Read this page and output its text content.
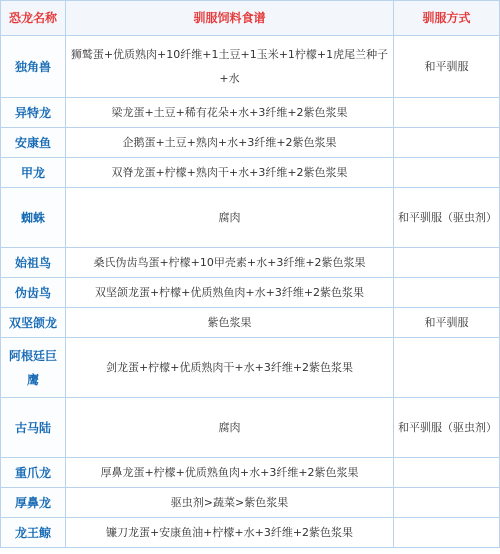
恐龙名称	驯服饲料食谱	驯服方式
独角兽	狮鹫蛋+优质熟肉+10纤维+1土豆+1玉米+1柠檬+1虎尾兰种子+水	和平驯服
异特龙	梁龙蛋+土豆+稀有花朵+水+3纤维+2紫色浆果	
安康鱼	企鹅蛋+土豆+熟肉+水+3纤维+2紫色浆果	
甲龙	双脊龙蛋+柠檬+熟肉干+水+3纤维+2紫色浆果	
蜘蛛	腐肉	和平驯服（驱虫剂）
始祖鸟	桑氏伪齿鸟蛋+柠檬+10甲壳素+水+3纤维+2紫色浆果	
伪齿鸟	双坚颌龙蛋+柠檬+优质熟鱼肉+水+3纤维+2紫色浆果	
双坚颌龙	紫色浆果	和平驯服
阿根廷巨鹰	剑龙蛋+柠檬+优质熟肉干+水+3纤维+2紫色浆果	
古马陆	腐肉	和平驯服（驱虫剂）
重爪龙	厚鼻龙蛋+柠檬+优质熟鱼肉+水+3纤维+2紫色浆果	
厚鼻龙	驱虫剂>蔬菜>紫色浆果	
龙王鲸	镰刀龙蛋+安康鱼油+柠檬+水+3纤维+2紫色浆果	
